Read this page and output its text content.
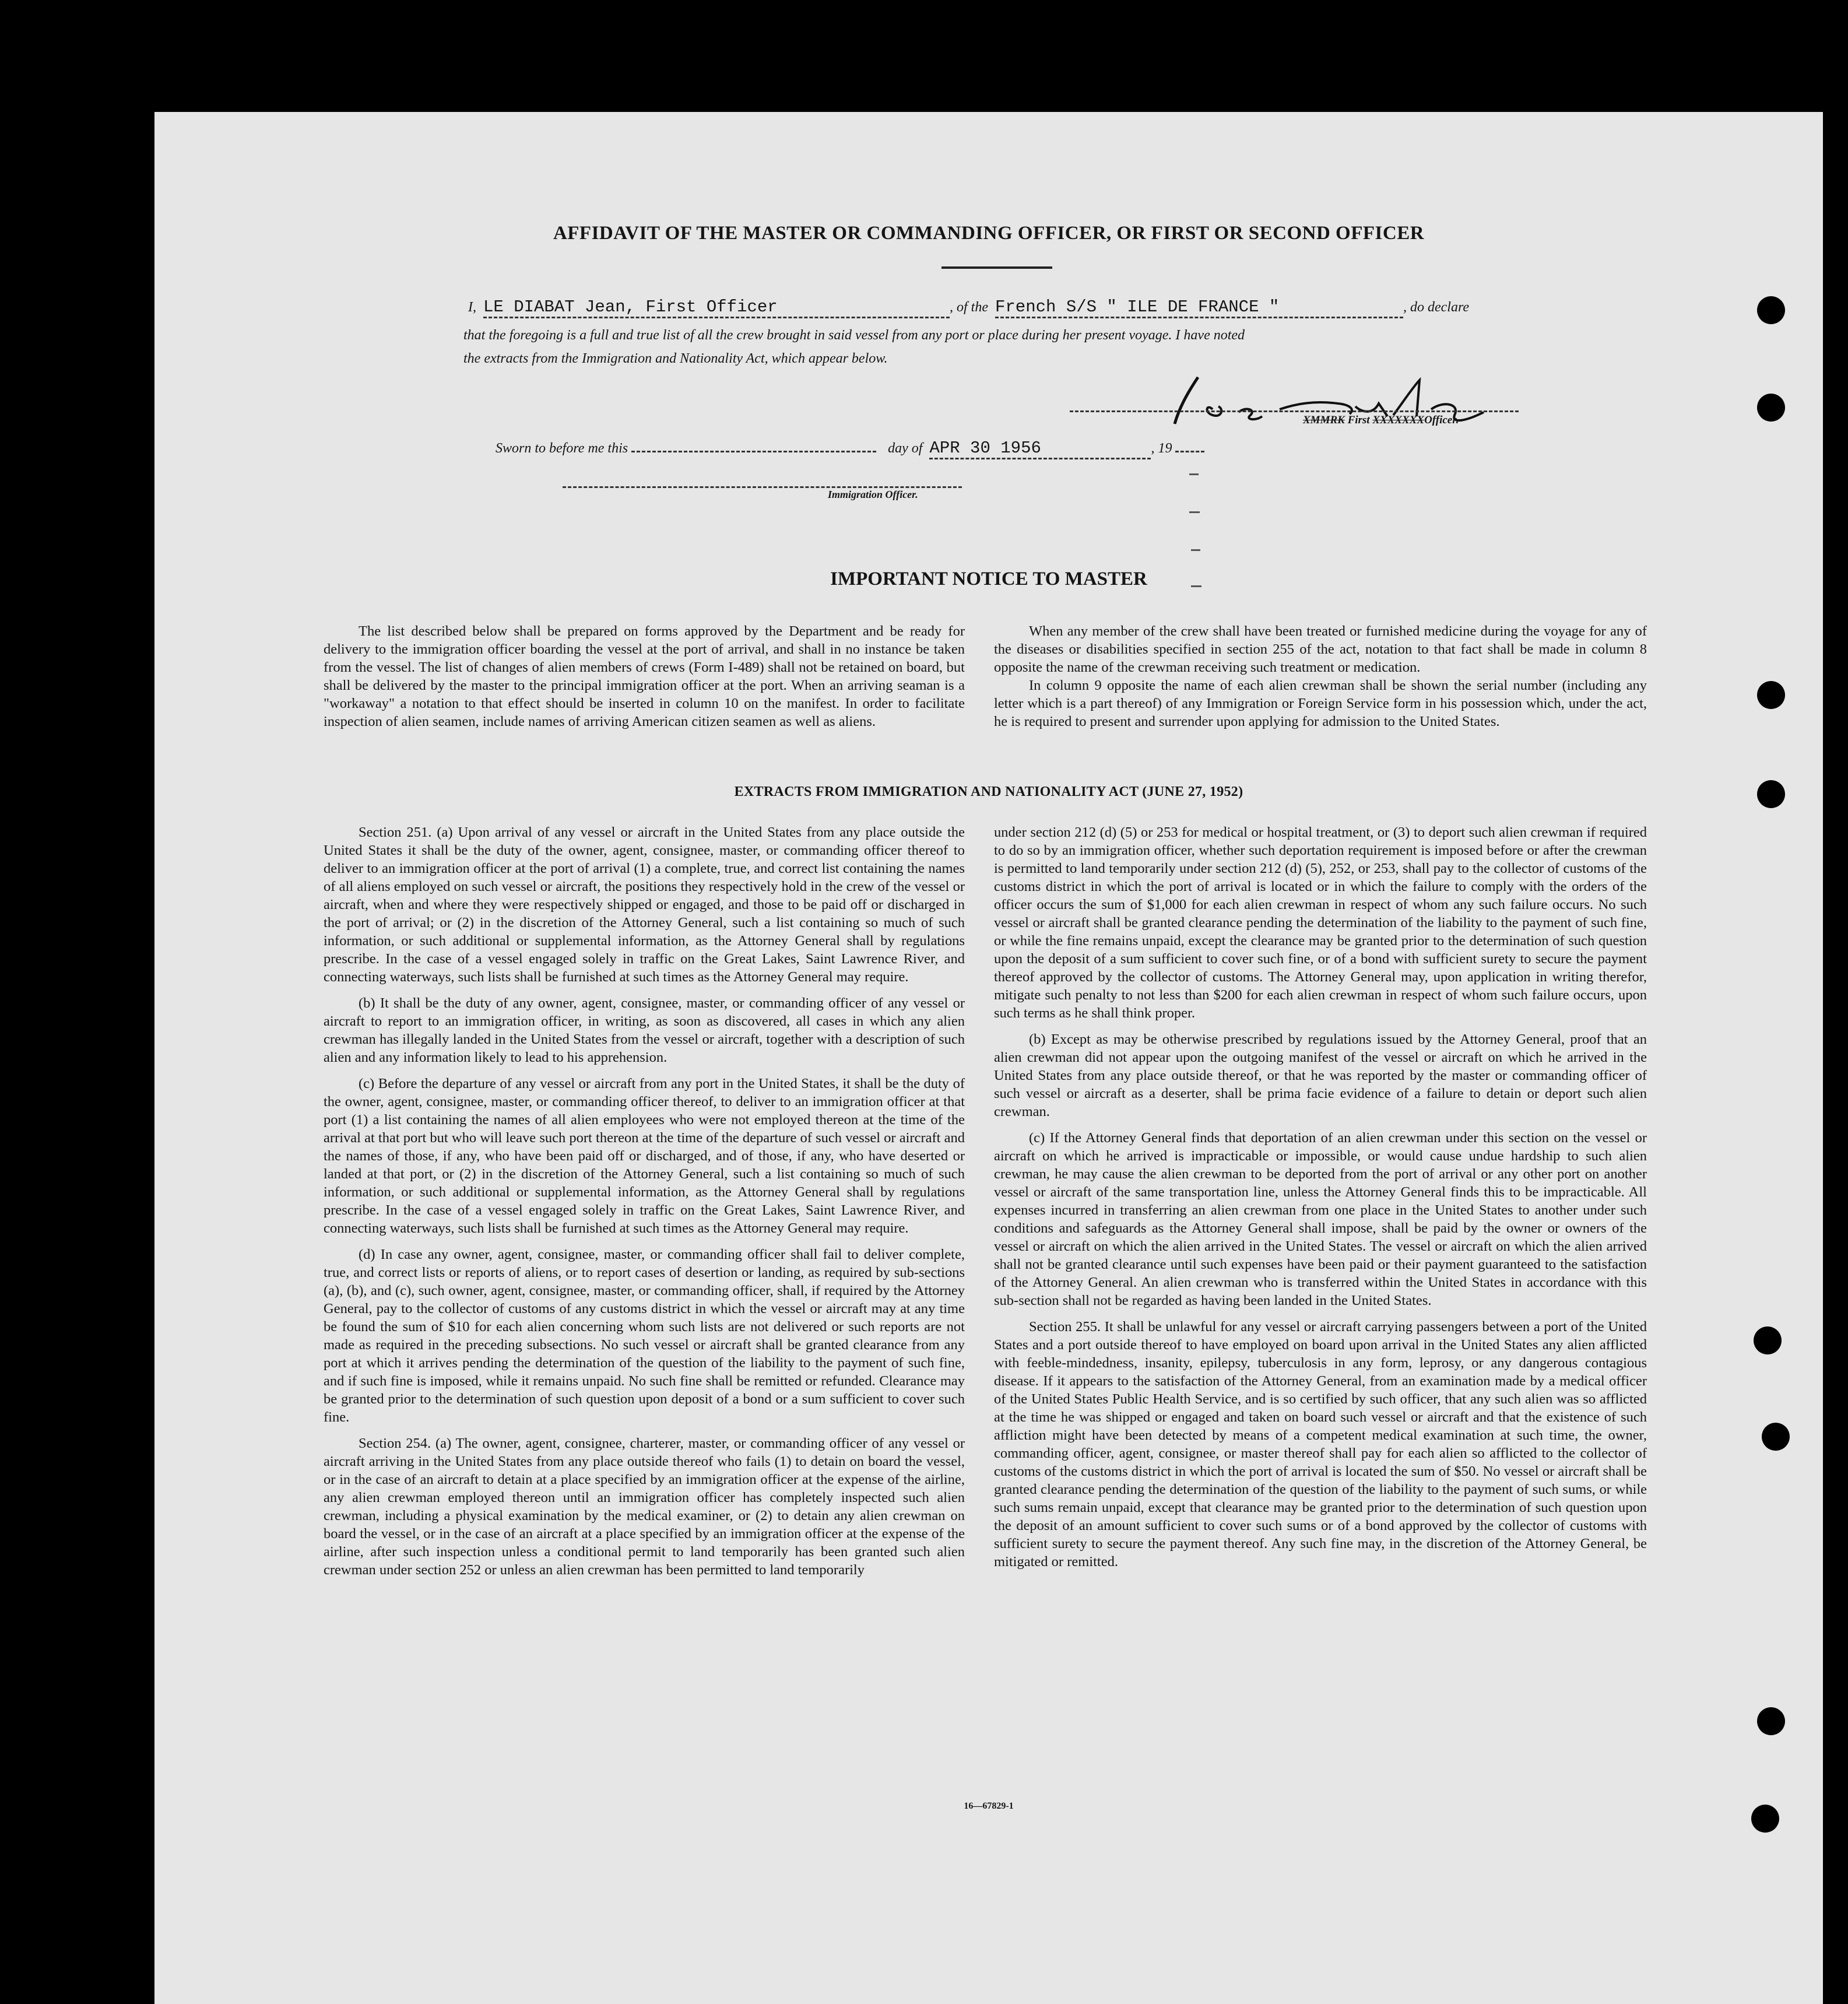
AFFIDAVIT OF THE MASTER OR COMMANDING OFFICER, OR FIRST OR SECOND OFFICER
I, LE DIABAT Jean, First Officer	, of the French S/S " ILE DE FRANCE "	, do declare
that the foregoing is a full and true list of all the crew brought in said vessel from any port or place during her present voyage. I have noted
the extracts from the Immigration and Nationality Act, which appear below.
XMMRK First XXXXXXXOfficer.
Sworn to before me this	day of APR 30 1956	, 19
Immigration Officer.
IMPORTANT NOTICE TO MASTER

The list described below shall be prepared on forms approved by the Department and be ready for delivery to the immigration officer boarding the vessel at the port of arrival, and shall in no instance be taken from the vessel. The list of changes of alien members of crews (Form I-489) shall not be retained on board, but shall be delivered by the master to the principal immigration officer at the port. When an arriving seaman is a "workaway" a notation to that effect should be inserted in column 10 on the manifest. In order to facilitate inspection of alien seamen, include names of arriving American citizen seamen as well as aliens.

When any member of the crew shall have been treated or furnished medicine during the voyage for any of the diseases or disabilities specified in section 255 of the act, notation to that fact shall be made in column 8 opposite the name of the crewman receiving such treatment or medication.

In column 9 opposite the name of each alien crewman shall be shown the serial number (including any letter which is a part thereof) of any Immigration or Foreign Service form in his possession which, under the act, he is required to present and surrender upon applying for admission to the United States.

EXTRACTS FROM IMMIGRATION AND NATIONALITY ACT (JUNE 27, 1952)

Section 251. (a) Upon arrival of any vessel or aircraft in the United States from any place outside the United States it shall be the duty of the owner, agent, consignee, master, or commanding officer thereof to deliver to an immigration officer at the port of arrival (1) a complete, true, and correct list containing the names of all aliens employed on such vessel or aircraft, the positions they respectively hold in the crew of the vessel or aircraft, when and where they were respectively shipped or engaged, and those to be paid off or discharged in the port of arrival; or (2) in the discretion of the Attorney General, such a list containing so much of such information, or such additional or supplemental information, as the Attorney General shall by regulations prescribe. In the case of a vessel engaged solely in traffic on the Great Lakes, Saint Lawrence River, and connecting waterways, such lists shall be furnished at such times as the Attorney General may require.

(b) It shall be the duty of any owner, agent, consignee, master, or commanding officer of any vessel or aircraft to report to an immigration officer, in writing, as soon as discovered, all cases in which any alien crewman has illegally landed in the United States from the vessel or aircraft, together with a description of such alien and any information likely to lead to his apprehension.

(c) Before the departure of any vessel or aircraft from any port in the United States, it shall be the duty of the owner, agent, consignee, master, or commanding officer thereof, to deliver to an immigration officer at that port (1) a list containing the names of all alien employees who were not employed thereon at the time of the arrival at that port but who will leave such port thereon at the time of the departure of such vessel or aircraft and the names of those, if any, who have been paid off or discharged, and of those, if any, who have deserted or landed at that port, or (2) in the discretion of the Attorney General, such a list containing so much of such information, or such additional or supplemental information, as the Attorney General shall by regulations prescribe. In the case of a vessel engaged solely in traffic on the Great Lakes, Saint Lawrence River, and connecting waterways, such lists shall be furnished at such times as the Attorney General may require.

(d) In case any owner, agent, consignee, master, or commanding officer shall fail to deliver complete, true, and correct lists or reports of aliens, or to report cases of desertion or landing, as required by sub-sections (a), (b), and (c), such owner, agent, consignee, master, or commanding officer, shall, if required by the Attorney General, pay to the collector of customs of any customs district in which the vessel or aircraft may at any time be found the sum of $10 for each alien concerning whom such lists are not delivered or such reports are not made as required in the preceding subsections. No such vessel or aircraft shall be granted clearance from any port at which it arrives pending the determination of the question of the liability to the payment of such fine, and if such fine is imposed, while it remains unpaid. No such fine shall be remitted or refunded. Clearance may be granted prior to the determination of such question upon deposit of a bond or a sum sufficient to cover such fine.

Section 254. (a) The owner, agent, consignee, charterer, master, or commanding officer of any vessel or aircraft arriving in the United States from any place outside thereof who fails (1) to detain on board the vessel, or in the case of an aircraft to detain at a place specified by an immigration officer at the expense of the airline, any alien crewman employed thereon until an immigration officer has completely inspected such alien crewman, including a physical examination by the medical examiner, or (2) to detain any alien crewman on board the vessel, or in the case of an aircraft at a place specified by an immigration officer at the expense of the airline, after such inspection unless a conditional permit to land temporarily has been granted such alien crewman under section 252 or unless an alien crewman has been permitted to land temporarily

under section 212 (d) (5) or 253 for medical or hospital treatment, or (3) to deport such alien crewman if required to do so by an immigration officer, whether such deportation requirement is imposed before or after the crewman is permitted to land temporarily under section 212 (d) (5), 252, or 253, shall pay to the collector of customs of the customs district in which the port of arrival is located or in which the failure to comply with the orders of the officer occurs the sum of $1,000 for each alien crewman in respect of whom any such failure occurs. No such vessel or aircraft shall be granted clearance pending the determination of the liability to the payment of such fine, or while the fine remains unpaid, except the clearance may be granted prior to the determination of such question upon the deposit of a sum sufficient to cover such fine, or of a bond with sufficient surety to secure the payment thereof approved by the collector of customs. The Attorney General may, upon application in writing therefor, mitigate such penalty to not less than $200 for each alien crewman in respect of whom such failure occurs, upon such terms as he shall think proper.

(b) Except as may be otherwise prescribed by regulations issued by the Attorney General, proof that an alien crewman did not appear upon the outgoing manifest of the vessel or aircraft on which he arrived in the United States from any place outside thereof, or that he was reported by the master or commanding officer of such vessel or aircraft as a deserter, shall be prima facie evidence of a failure to detain or deport such alien crewman.

(c) If the Attorney General finds that deportation of an alien crewman under this section on the vessel or aircraft on which he arrived is impracticable or impossible, or would cause undue hardship to such alien crewman, he may cause the alien crewman to be deported from the port of arrival or any other port on another vessel or aircraft of the same transportation line, unless the Attorney General finds this to be impracticable. All expenses incurred in transferring an alien crewman from one place in the United States to another under such conditions and safeguards as the Attorney General shall impose, shall be paid by the owner or owners of the vessel or aircraft on which the alien arrived in the United States. The vessel or aircraft on which the alien arrived shall not be granted clearance until such expenses have been paid or their payment guaranteed to the satisfaction of the Attorney General. An alien crewman who is transferred within the United States in accordance with this sub-section shall not be regarded as having been landed in the United States.

Section 255. It shall be unlawful for any vessel or aircraft carrying passengers between a port of the United States and a port outside thereof to have employed on board upon arrival in the United States any alien afflicted with feeble-mindedness, insanity, epilepsy, tuberculosis in any form, leprosy, or any dangerous contagious disease. If it appears to the satisfaction of the Attorney General, from an examination made by a medical officer of the United States Public Health Service, and is so certified by such officer, that any such alien was so afflicted at the time he was shipped or engaged and taken on board such vessel or aircraft and that the existence of such affliction might have been detected by means of a competent medical examination at such time, the owner, commanding officer, agent, consignee, or master thereof shall pay for each alien so afflicted to the collector of customs of the customs district in which the port of arrival is located the sum of $50. No vessel or aircraft shall be granted clearance pending the determination of the question of the liability to the payment of such sums, or while such sums remain unpaid, except that clearance may be granted prior to the determination of such question upon the deposit of an amount sufficient to cover such sums or of a bond approved by the collector of customs with sufficient surety to secure the payment thereof. Any such fine may, in the discretion of the Attorney General, be mitigated or remitted.

16—67829-1
